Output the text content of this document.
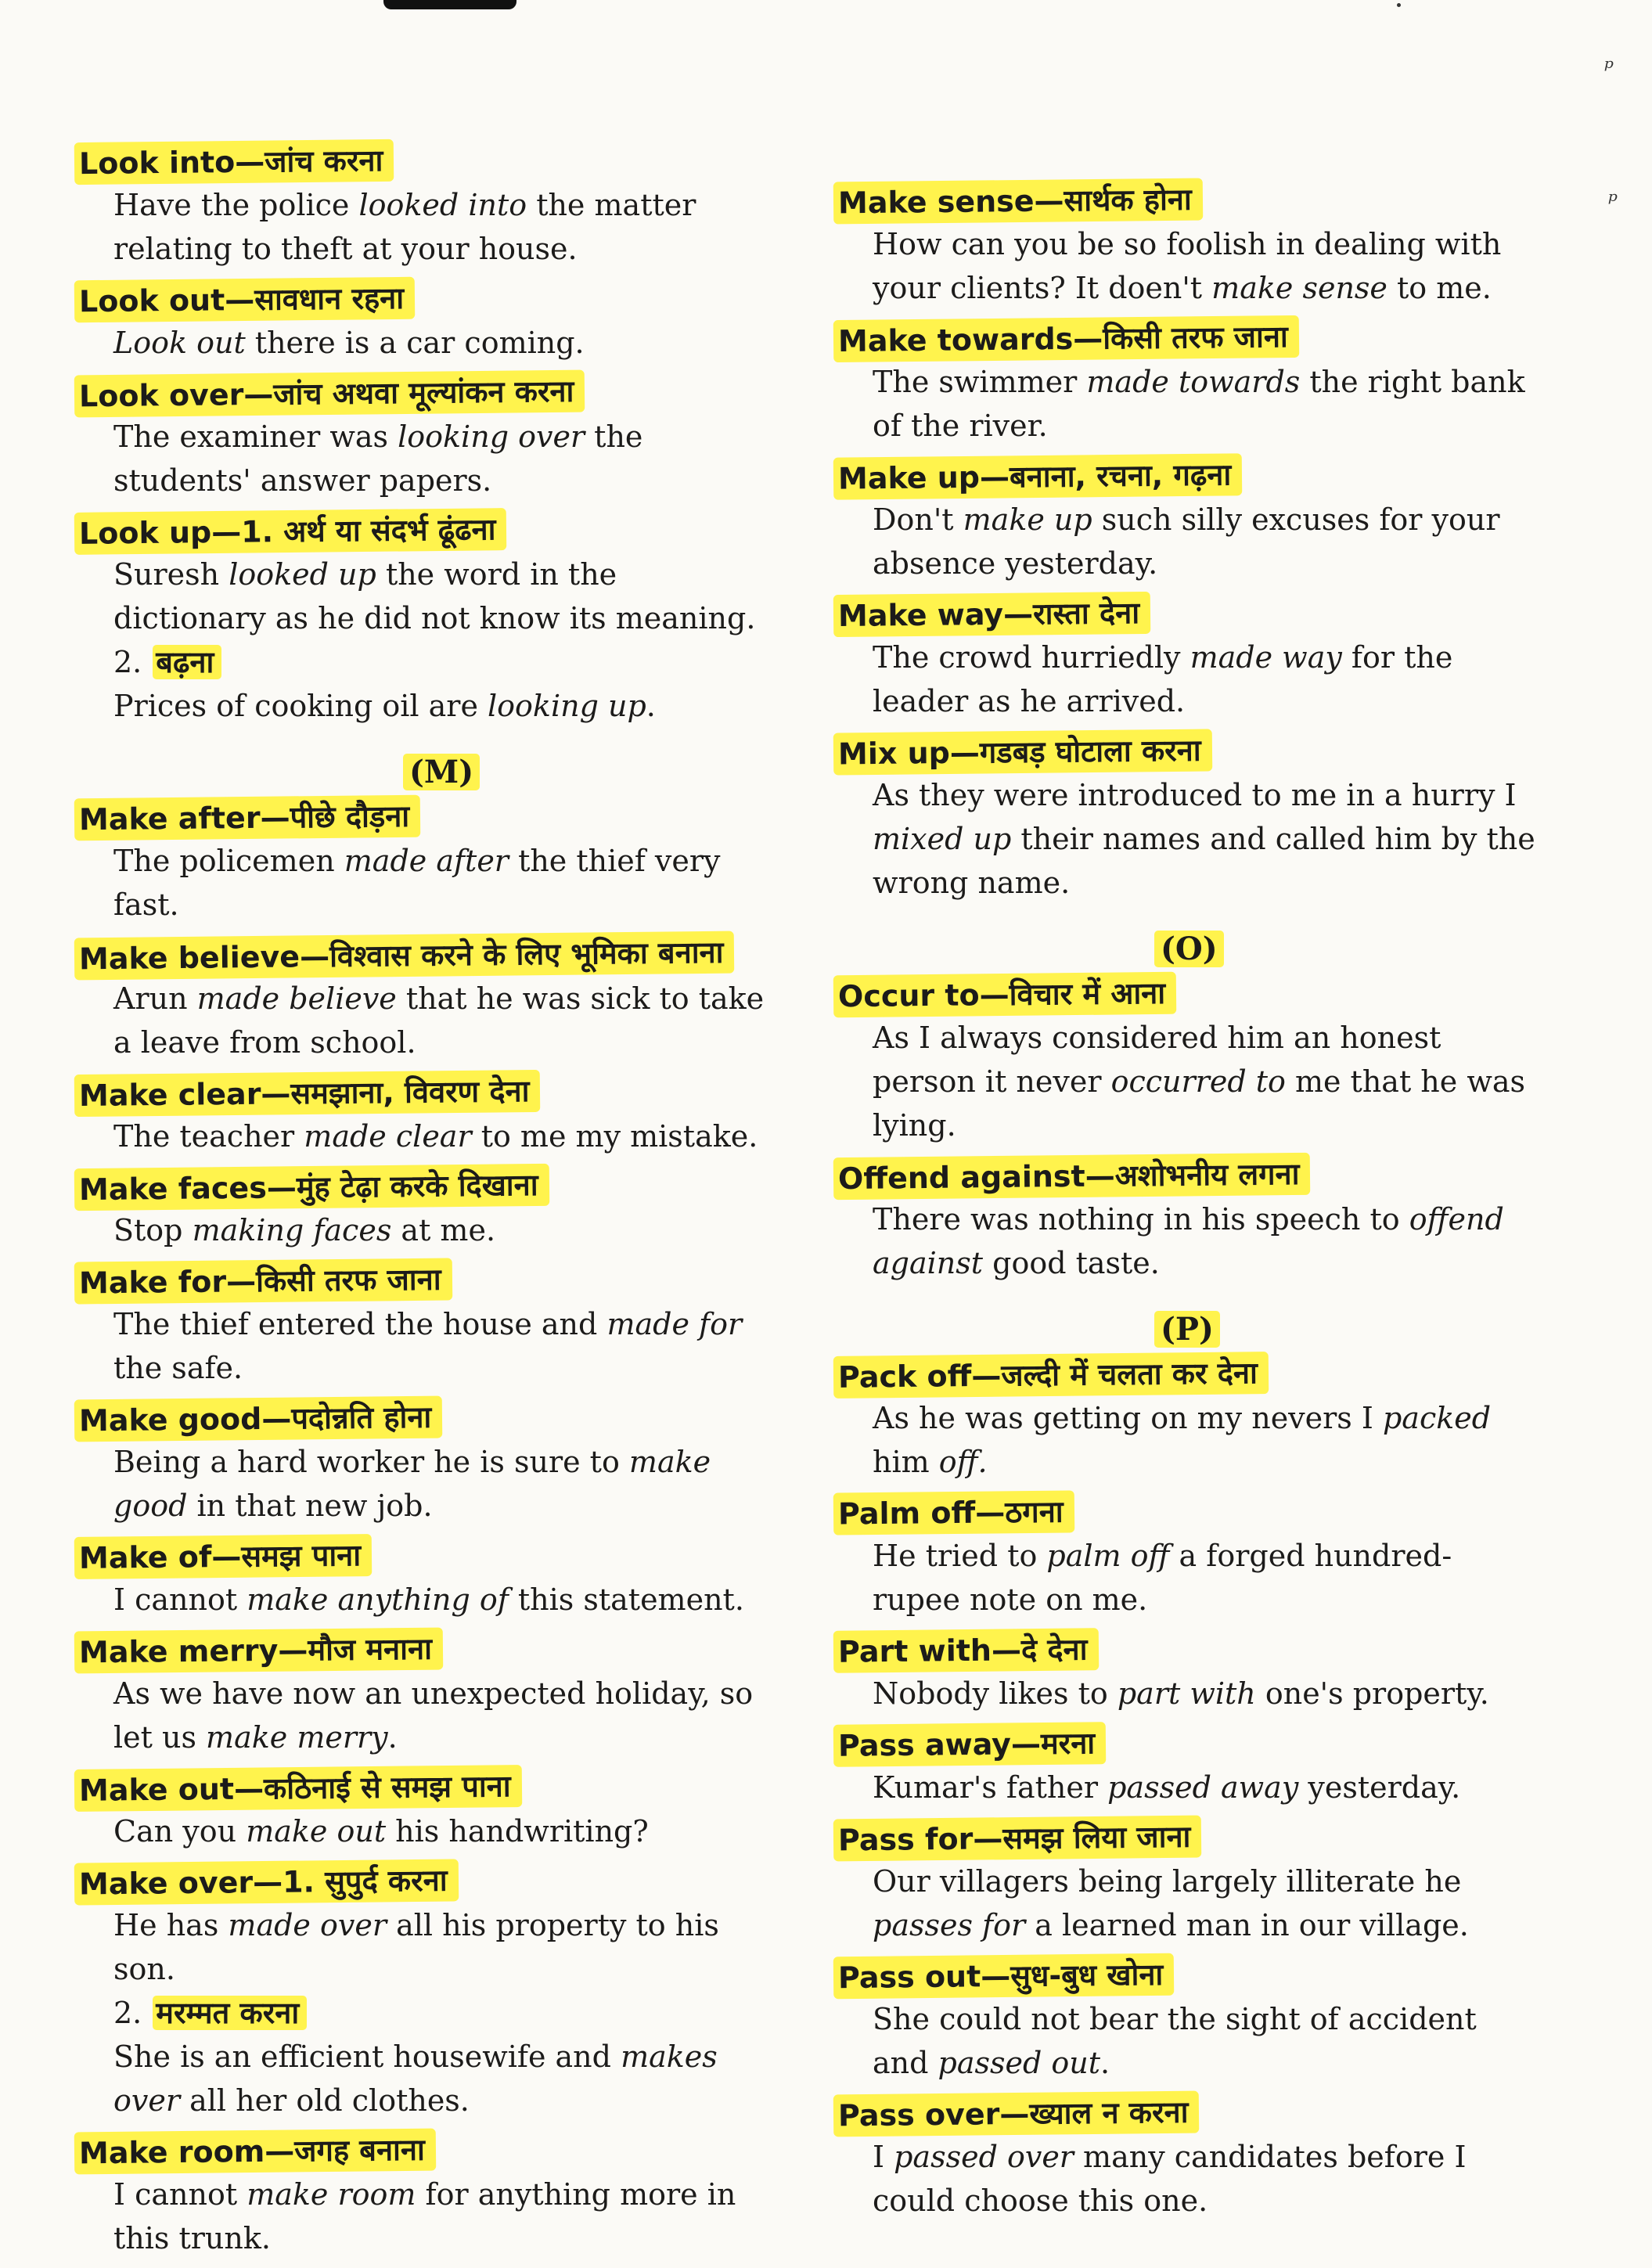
Look into—जांच करना

Have the police looked into the matter relating to theft at your house.

Look out—सावधान रहना

Look out there is a car coming.

Look over—जांच अथवा मूल्यांकन करना

The examiner was looking over the students' answer papers.

Look up—1. अर्थ या संदर्भ ढूंढना

Suresh looked up the word in the dictionary as he did not know its meaning.

2. बढ़ना

Prices of cooking oil are looking up.

(M)
Make after—पीछे दौड़ना

The policemen made after the thief very fast.

Make believe—विश्वास करने के लिए भूमिका बनाना

Arun made believe that he was sick to take a leave from school.

Make clear—समझाना, विवरण देना

The teacher made clear to me my mistake.

Make faces—मुंह टेढ़ा करके दिखाना

Stop making faces at me.

Make for—किसी तरफ जाना

The thief entered the house and made for the safe.

Make good—पदोन्नति होना

Being a hard worker he is sure to make good in that new job.

Make of—समझ पाना

I cannot make anything of this statement.

Make merry—मौज मनाना

As we have now an unexpected holiday, so let us make merry.

Make out—कठिनाई से समझ पाना

Can you make out his handwriting?

Make over—1. सुपुर्द करना

He has made over all his property to his son.

2. मरम्मत करना

She is an efficient housewife and makes over all her old clothes.

Make room—जगह बनाना

I cannot make room for anything more in this trunk.

Make sense—सार्थक होना

How can you be so foolish in dealing with your clients? It doen't make sense to me.

Make towards—किसी तरफ जाना

The swimmer made towards the right bank of the river.

Make up—बनाना, रचना, गढ़ना

Don't make up such silly excuses for your absence yesterday.

Make way—रास्ता देना

The crowd hurriedly made way for the leader as he arrived.

Mix up—गडबड़ घोटाला करना

As they were introduced to me in a hurry I mixed up their names and called him by the wrong name.

(O)
Occur to—विचार में आना

As I always considered him an honest person it never occurred to me that he was lying.

Offend against—अशोभनीय लगना

There was nothing in his speech to offend against good taste.

(P)
Pack off—जल्दी में चलता कर देना

As he was getting on my nevers I packed him off.

Palm off—ठगना

He tried to palm off a forged hundred-rupee note on me.

Part with—दे देना

Nobody likes to part with one's property.

Pass away—मरना

Kumar's father passed away yesterday.

Pass for—समझ लिया जाना

Our villagers being largely illiterate he passes for a learned man in our village.

Pass out—सुध-बुध खोना

She could not bear the sight of accident and passed out.

Pass over—ख्याल न करना

I passed over many candidates before I could choose this one.

ᵖ
ᵖ
